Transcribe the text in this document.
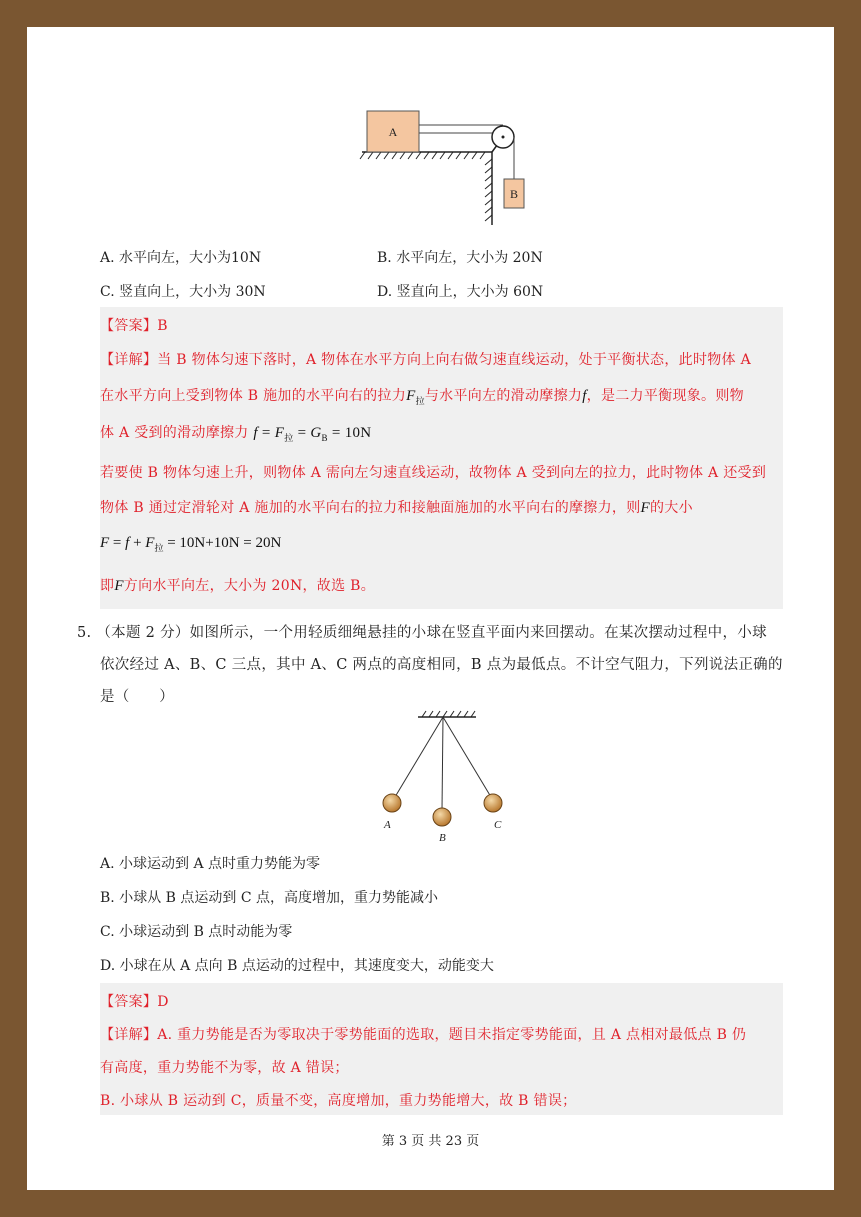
A
B
A. 水平向左，大小为10N	B. 水平向左，大小为 20N
C. 竖直向上，大小为 30N	D. 竖直向上，大小为 60N
【答案】B
【详解】当 B 物体匀速下落时，A 物体在水平方向上向右做匀速直线运动，处于平衡状态，此时物体 A
在水平方向上受到物体 B 施加的水平向右的拉力$F_拉$与水平向左的滑动摩擦力f，是二力平衡现象。则物
体 A 受到的滑动摩擦力 $f = F_拉 = G_B = 10N$
若要使 B 物体匀速上升，则物体 A 需向左匀速直线运动，故物体 A 受到向左的拉力，此时物体 A 还受到
物体 B 通过定滑轮对 A 施加的水平向右的拉力和接触面施加的水平向右的摩擦力，则F的大小
$F = f + F_拉 = 10N+10N = 20N$
即F方向水平向左，大小为 20N，故选 B。
5. （本题 2 分）如图所示，一个用轻质细绳悬挂的小球在竖直平面内来回摆动。在某次摆动过程中，小球
依次经过 A、B、C 三点，其中 A、C 两点的高度相同，B 点为最低点。不计空气阻力，下列说法正确的
是（　　）
A
B
C
A. 小球运动到 A 点时重力势能为零
B. 小球从 B 点运动到 C 点，高度增加，重力势能减小
C. 小球运动到 B 点时动能为零
D. 小球在从 A 点向 B 点运动的过程中，其速度变大，动能变大
【答案】D
【详解】A. 重力势能是否为零取决于零势能面的选取，题目未指定零势能面，且 A 点相对最低点 B 仍
有高度，重力势能不为零，故 A 错误；
B. 小球从 B 运动到 C，质量不变，高度增加，重力势能增大，故 B 错误；
第 3 页 共 23 页
